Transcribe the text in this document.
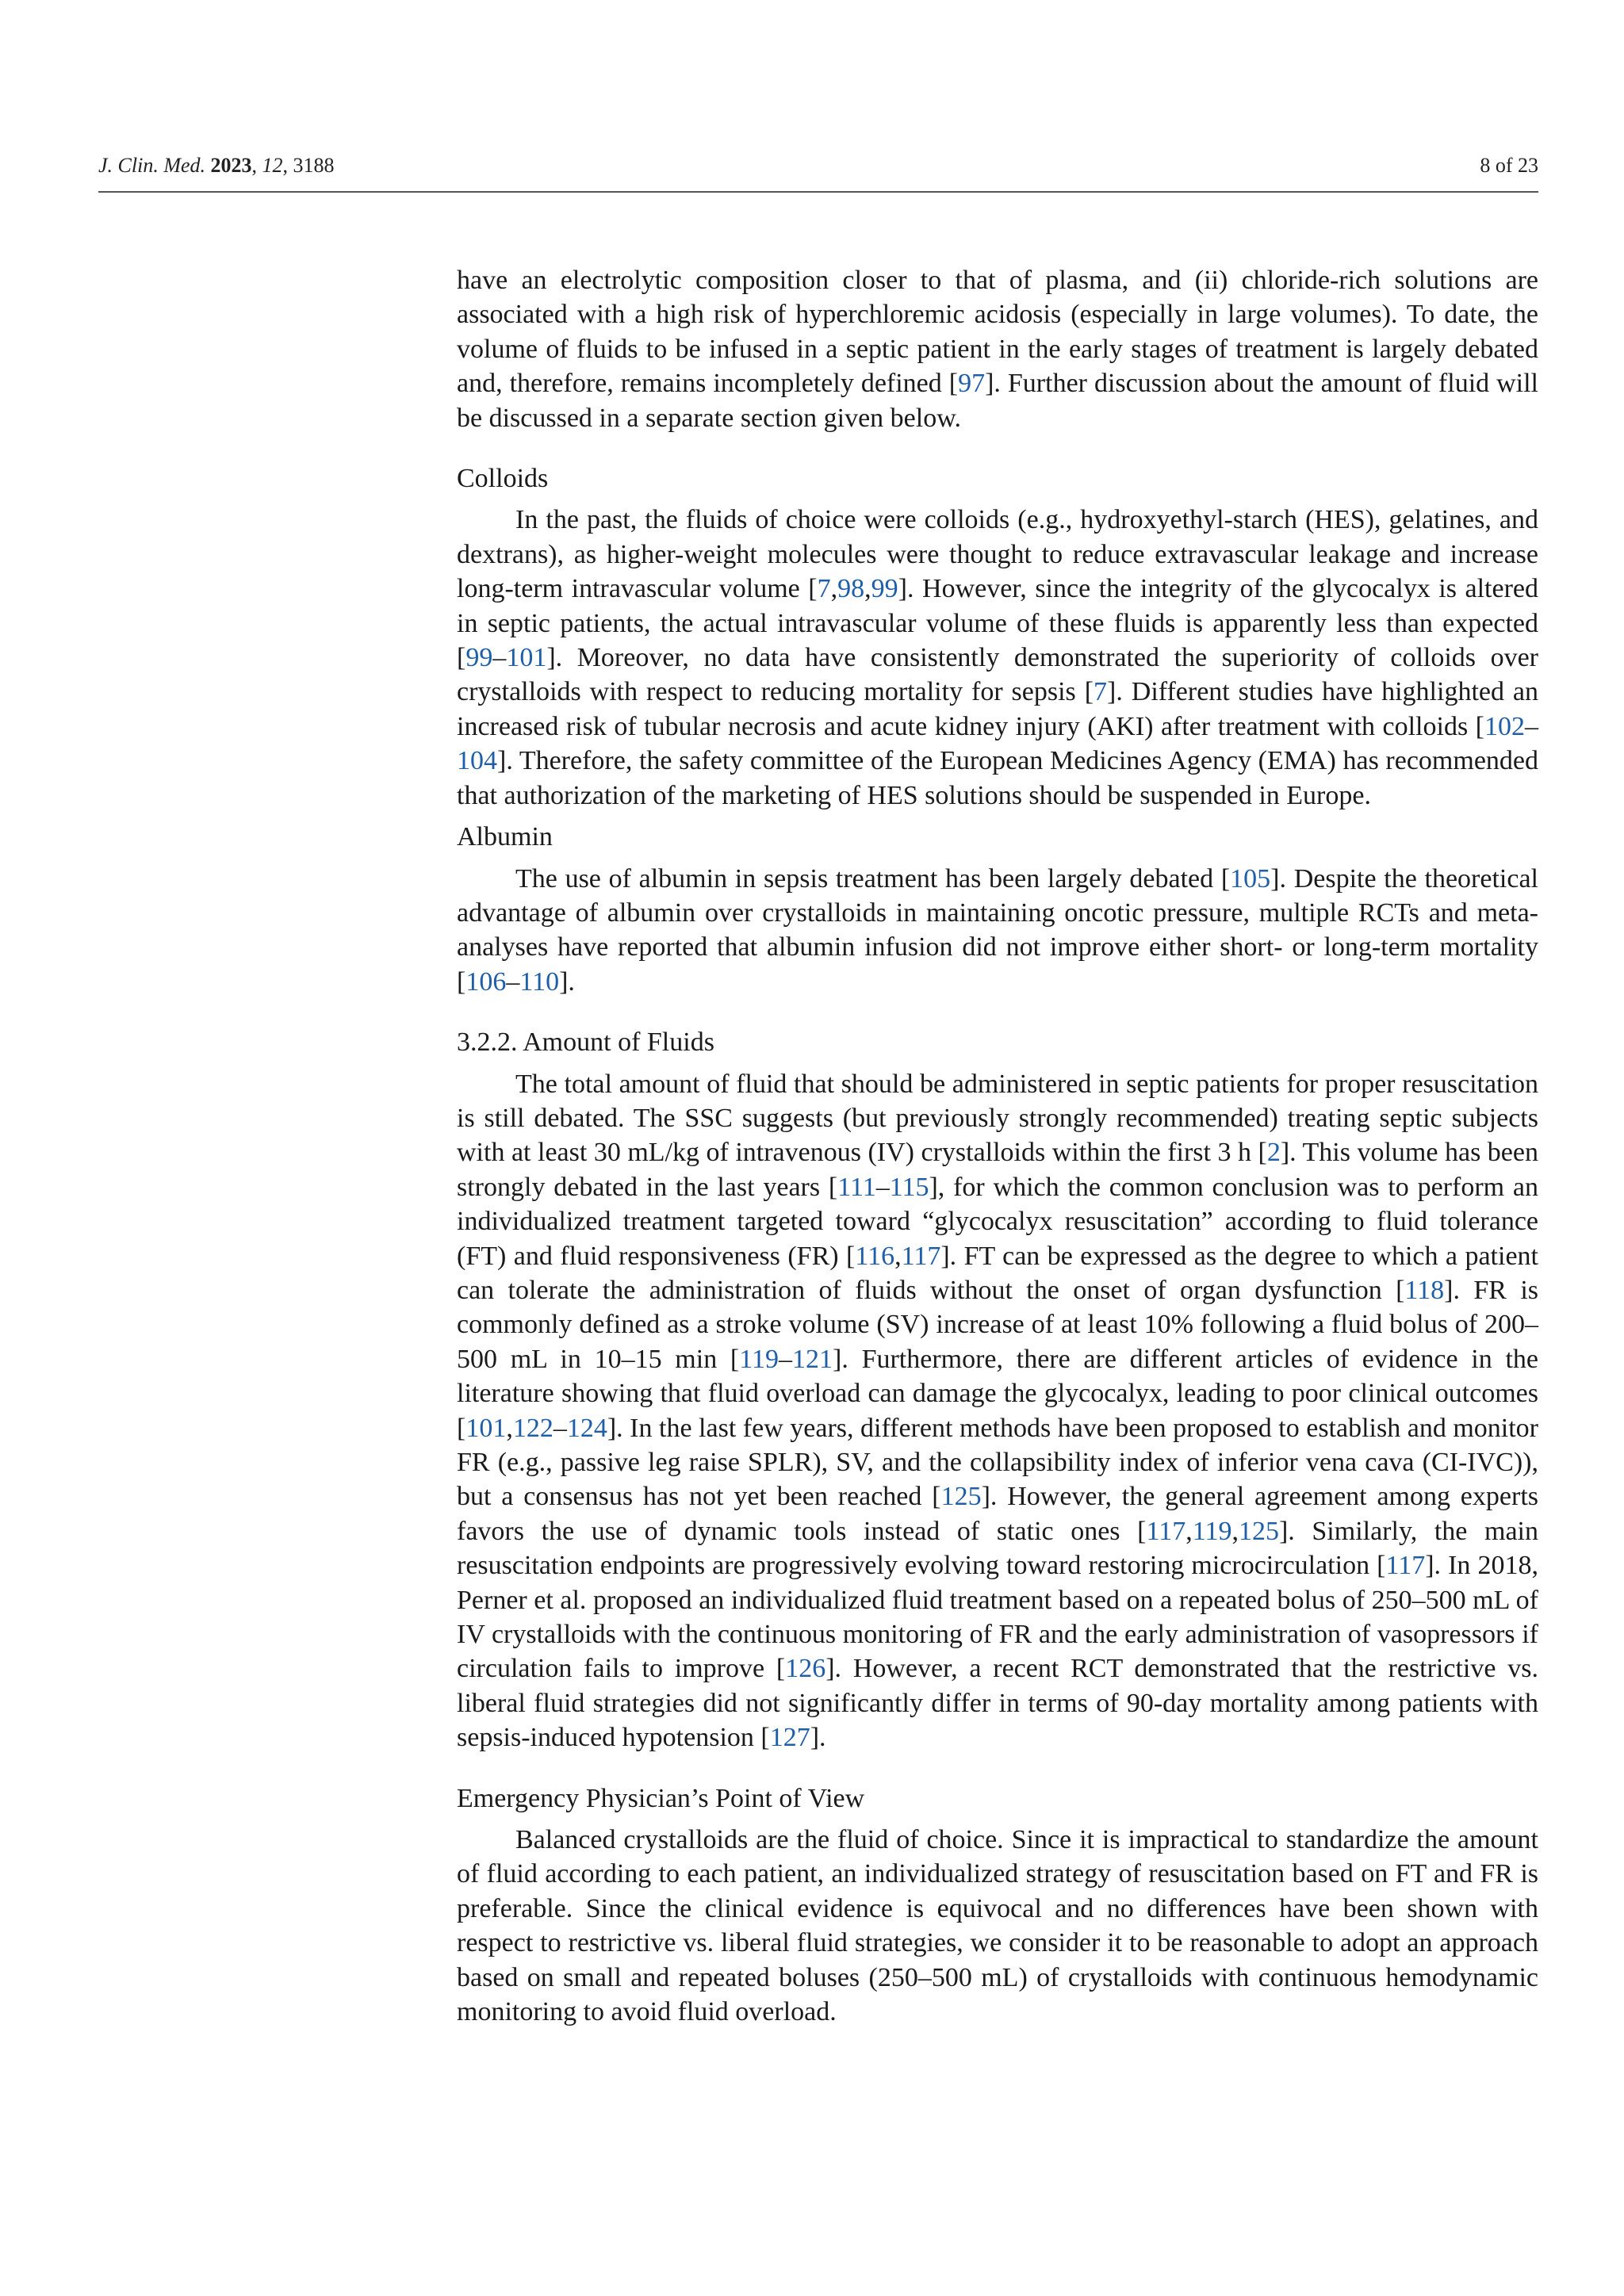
J. Clin. Med. 2023, 12, 3188	8 of 23

have an electrolytic composition closer to that of plasma, and (ii) chloride-rich solutions are associated with a high risk of hyperchloremic acidosis (especially in large volumes). To date, the volume of fluids to be infused in a septic patient in the early stages of treatment is largely debated and, therefore, remains incompletely defined [97]. Further discussion about the amount of fluid will be discussed in a separate section given below.

Colloids

In the past, the fluids of choice were colloids (e.g., hydroxyethyl-starch (HES), gelatines, and dextrans), as higher-weight molecules were thought to reduce extravascular leakage and increase long-term intravascular volume [7,98,99]. However, since the integrity of the glycocalyx is altered in septic patients, the actual intravascular volume of these fluids is apparently less than expected [99–101]. Moreover, no data have consistently demonstrated the superiority of colloids over crystalloids with respect to reducing mortality for sepsis [7]. Different studies have highlighted an increased risk of tubular necrosis and acute kidney injury (AKI) after treatment with colloids [102–104]. Therefore, the safety committee of the European Medicines Agency (EMA) has recommended that authorization of the marketing of HES solutions should be suspended in Europe.

Albumin

The use of albumin in sepsis treatment has been largely debated [105]. Despite the theoretical advantage of albumin over crystalloids in maintaining oncotic pressure, multiple RCTs and meta-analyses have reported that albumin infusion did not improve either short- or long-term mortality [106–110].

3.2.2. Amount of Fluids

The total amount of fluid that should be administered in septic patients for proper resuscitation is still debated. The SSC suggests (but previously strongly recommended) treating septic subjects with at least 30 mL/kg of intravenous (IV) crystalloids within the first 3 h [2]. This volume has been strongly debated in the last years [111–115], for which the common conclusion was to perform an individualized treatment targeted toward “glycocalyx resuscitation” according to fluid tolerance (FT) and fluid responsiveness (FR) [116,117]. FT can be expressed as the degree to which a patient can tolerate the administration of fluids without the onset of organ dysfunction [118]. FR is commonly defined as a stroke volume (SV) increase of at least 10% following a fluid bolus of 200–500 mL in 10–15 min [119–121]. Furthermore, there are different articles of evidence in the literature showing that fluid overload can damage the glycocalyx, leading to poor clinical outcomes [101,122–124]. In the last few years, different methods have been proposed to establish and monitor FR (e.g., passive leg raise SPLR), SV, and the collapsibility index of inferior vena cava (CI-IVC)), but a consensus has not yet been reached [125]. However, the general agreement among experts favors the use of dynamic tools instead of static ones [117,119,125]. Similarly, the main resuscitation endpoints are progressively evolving toward restoring microcirculation [117]. In 2018, Perner et al. proposed an individualized fluid treatment based on a repeated bolus of 250–500 mL of IV crystalloids with the continuous monitoring of FR and the early administration of vasopressors if circulation fails to improve [126]. However, a recent RCT demonstrated that the restrictive vs. liberal fluid strategies did not significantly differ in terms of 90-day mortality among patients with sepsis-induced hypotension [127].

Emergency Physician’s Point of View

Balanced crystalloids are the fluid of choice. Since it is impractical to standardize the amount of fluid according to each patient, an individualized strategy of resuscitation based on FT and FR is preferable. Since the clinical evidence is equivocal and no differences have been shown with respect to restrictive vs. liberal fluid strategies, we consider it to be reasonable to adopt an approach based on small and repeated boluses (250–500 mL) of crystalloids with continuous hemodynamic monitoring to avoid fluid overload.
